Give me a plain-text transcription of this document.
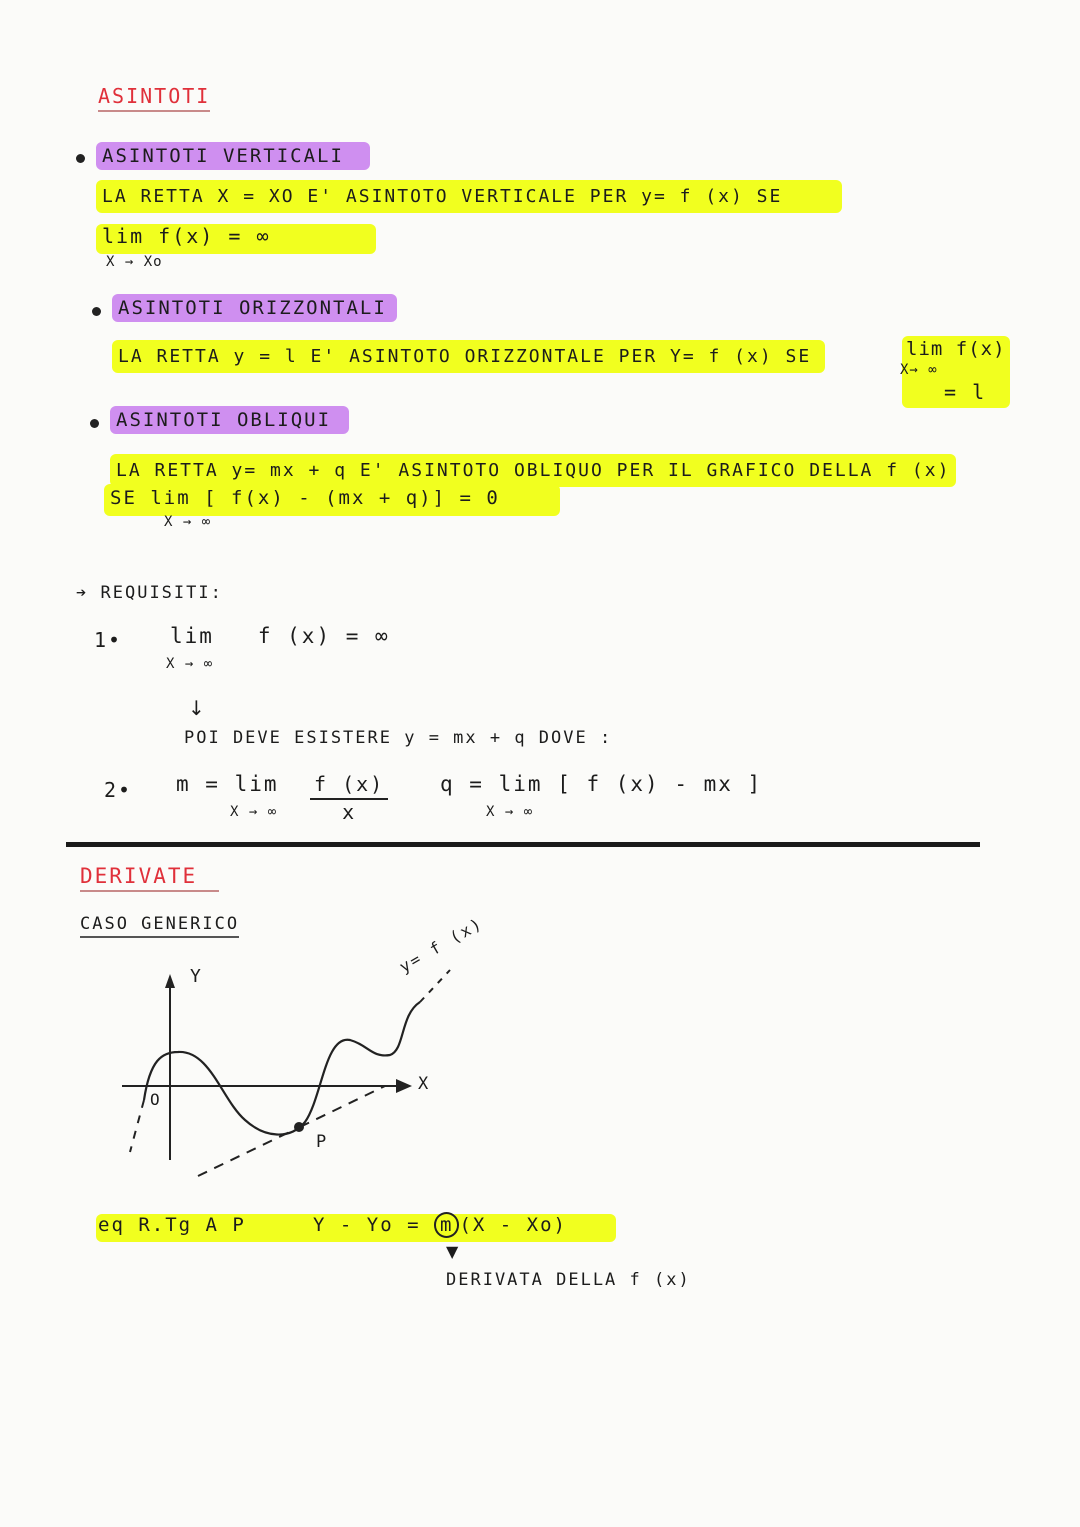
ASINTOTI
ASINTOTI VERTICALI
LA RETTA X = XO E' ASINTOTO VERTICALE PER y= f (x) SE
lim f(x) = ∞
X → Xo
ASINTOTI ORIZZONTALI
LA RETTA y = l E' ASINTOTO ORIZZONTALE PER Y= f (x) SE	lim f(x)
X→ ∞
= l
ASINTOTI OBLIQUI
LA RETTA y= mx + q E' ASINTOTO OBLIQUO PER IL GRAFICO DELLA f (x)
SE lim [ f(x) - (mx + q)] = 0
X → ∞
➔ REQUISITI:
1• lim f (x) = ∞
X → ∞
↓
POI DEVE ESISTERE y = mx + q DOVE :
2• m = lim
X → ∞ $\frac{f (x)}{x}$ q = lim [ f (x) - mx ]
X → ∞
DERIVATE
CASO GENERICO
Y
X
O
P
y= f (x)
eq R.Tg A P	Y - Yo = m (X - Xo)
▼
DERIVATA DELLA f (x)
